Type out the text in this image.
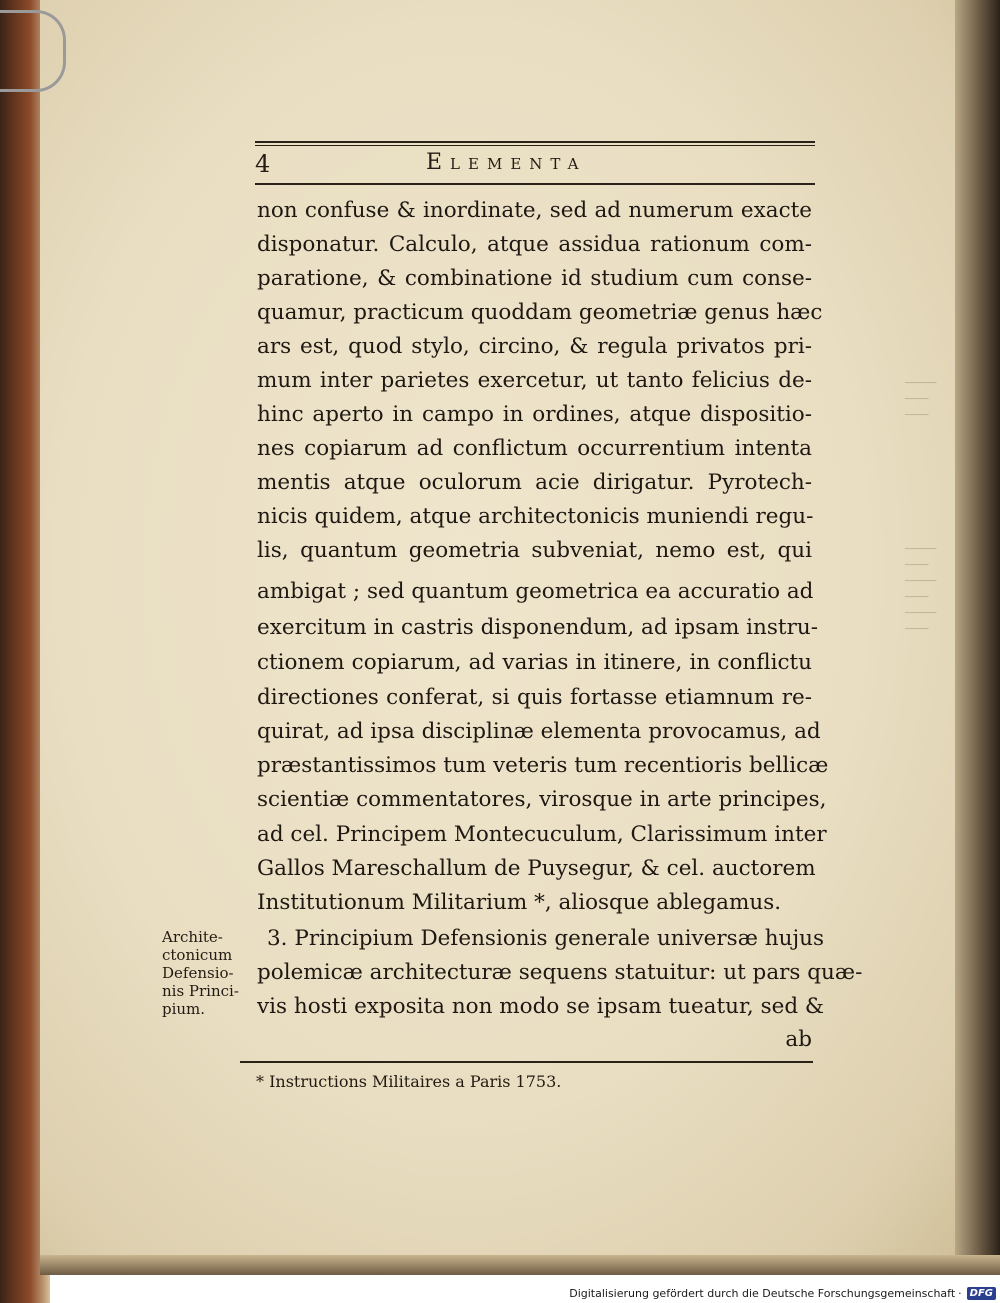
────
───
───
────
───
────
───
────
───
4	Elementa
non confuse & inordinate, sed ad numerum exacte
disponatur. Calculo, atque assidua rationum com-
paratione, & combinatione id studium cum conse-
quamur, practicum quoddam geometriæ genus hæc
ars est, quod stylo, circino, & regula privatos pri-
mum inter parietes exercetur, ut tanto felicius de-
hinc aperto in campo in ordines, atque dispositio-
nes copiarum ad conflictum occurrentium intenta
mentis atque oculorum acie dirigatur. Pyrotech-
nicis quidem, atque architectonicis muniendi regu-
lis, quantum geometria subveniat, nemo est, qui
ambigat ; sed quantum geometrica ea accuratio ad
exercitum in castris disponendum, ad ipsam instru-
ctionem copiarum, ad varias in itinere, in conflictu
directiones conferat, si quis fortasse etiamnum re-
quirat, ad ipsa disciplinæ elementa provocamus, ad
præstantissimos tum veteris tum recentioris bellicæ
scientiæ commentatores, virosque in arte principes,
ad cel. Principem Montecuculum, Clarissimum inter
Gallos Mareschallum de Puysegur, & cel. auctorem
Institutionum Militarium *, aliosque ablegamus.
3. Principium Defensionis generale universæ hujus
polemicæ architecturæ sequens statuitur: ut pars quæ-
vis hosti exposita non modo se ipsam tueatur, sed &
ab
Archite-
ctonicum
Defensio-
nis Princi-
pium.
* Instructions Militaires a Paris 1753.
Digitalisierung gefördert durch die Deutsche Forschungsgemeinschaft · DFG
